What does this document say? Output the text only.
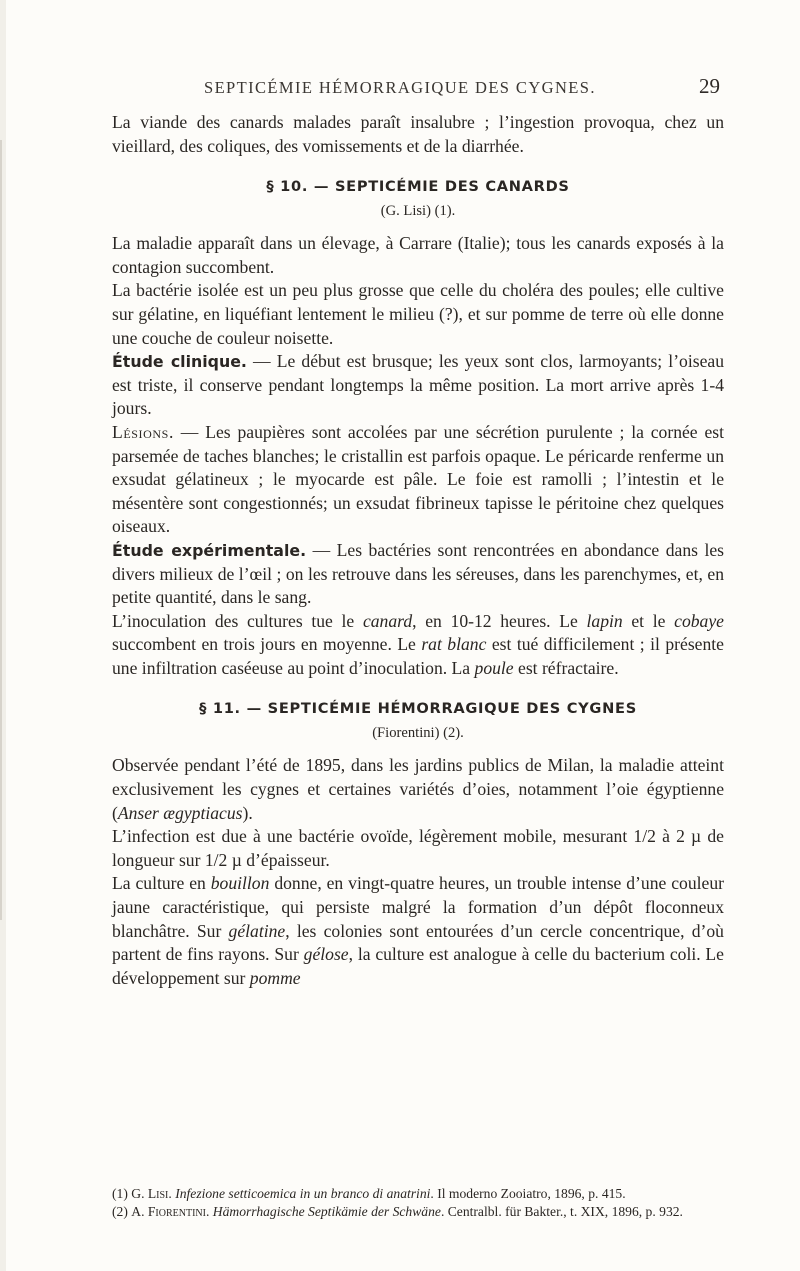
SEPTICÉMIE HÉMORRAGIQUE DES CYGNES.	29

La viande des canards malades paraît insalubre ; l’ingestion provoqua, chez un vieillard, des coliques, des vomissements et de la diarrhée.

§ 10. — SEPTICÉMIE DES CANARDS
(G. Lisi) (1).

La maladie apparaît dans un élevage, à Carrare (Italie); tous les canards exposés à la contagion succombent.

La bactérie isolée est un peu plus grosse que celle du choléra des poules; elle cultive sur gélatine, en liquéfiant lentement le milieu (?), et sur pomme de terre où elle donne une couche de couleur noisette.

Étude clinique. — Le début est brusque; les yeux sont clos, larmoyants; l’oiseau est triste, il conserve pendant longtemps la même position. La mort arrive après 1-4 jours.

Lésions. — Les paupières sont accolées par une sécrétion purulente ; la cornée est parsemée de taches blanches; le cristallin est parfois opaque. Le péricarde renferme un exsudat gélatineux ; le myocarde est pâle. Le foie est ramolli ; l’intestin et le mésentère sont congestionnés; un exsudat fibrineux tapisse le péritoine chez quelques oiseaux.

Étude expérimentale. — Les bactéries sont rencontrées en abondance dans les divers milieux de l’œil ; on les retrouve dans les séreuses, dans les parenchymes, et, en petite quantité, dans le sang.

L’inoculation des cultures tue le canard, en 10-12 heures. Le lapin et le cobaye succombent en trois jours en moyenne. Le rat blanc est tué difficilement ; il présente une infiltration caséeuse au point d’inoculation. La poule est réfractaire.

§ 11. — SEPTICÉMIE HÉMORRAGIQUE DES CYGNES
(Fiorentini) (2).

Observée pendant l’été de 1895, dans les jardins publics de Milan, la maladie atteint exclusivement les cygnes et certaines variétés d’oies, notamment l’oie égyptienne (Anser ægyptiacus).

L’infection est due à une bactérie ovoïde, légèrement mobile, mesurant 1/2 à 2 µ de longueur sur 1/2 µ d’épaisseur.

La culture en bouillon donne, en vingt-quatre heures, un trouble intense d’une couleur jaune caractéristique, qui persiste malgré la formation d’un dépôt floconneux blanchâtre. Sur gélatine, les colonies sont entourées d’un cercle concentrique, d’où partent de fins rayons. Sur gélose, la culture est analogue à celle du bacterium coli. Le développement sur pomme

(1) G. Lisi. Infezione setticoemica in un branco di anatrini. Il moderno Zooiatro, 1896, p. 415.

(2) A. Fiorentini. Hämorrhagische Septikämie der Schwäne. Centralbl. für Bakter., t. XIX, 1896, p. 932.
